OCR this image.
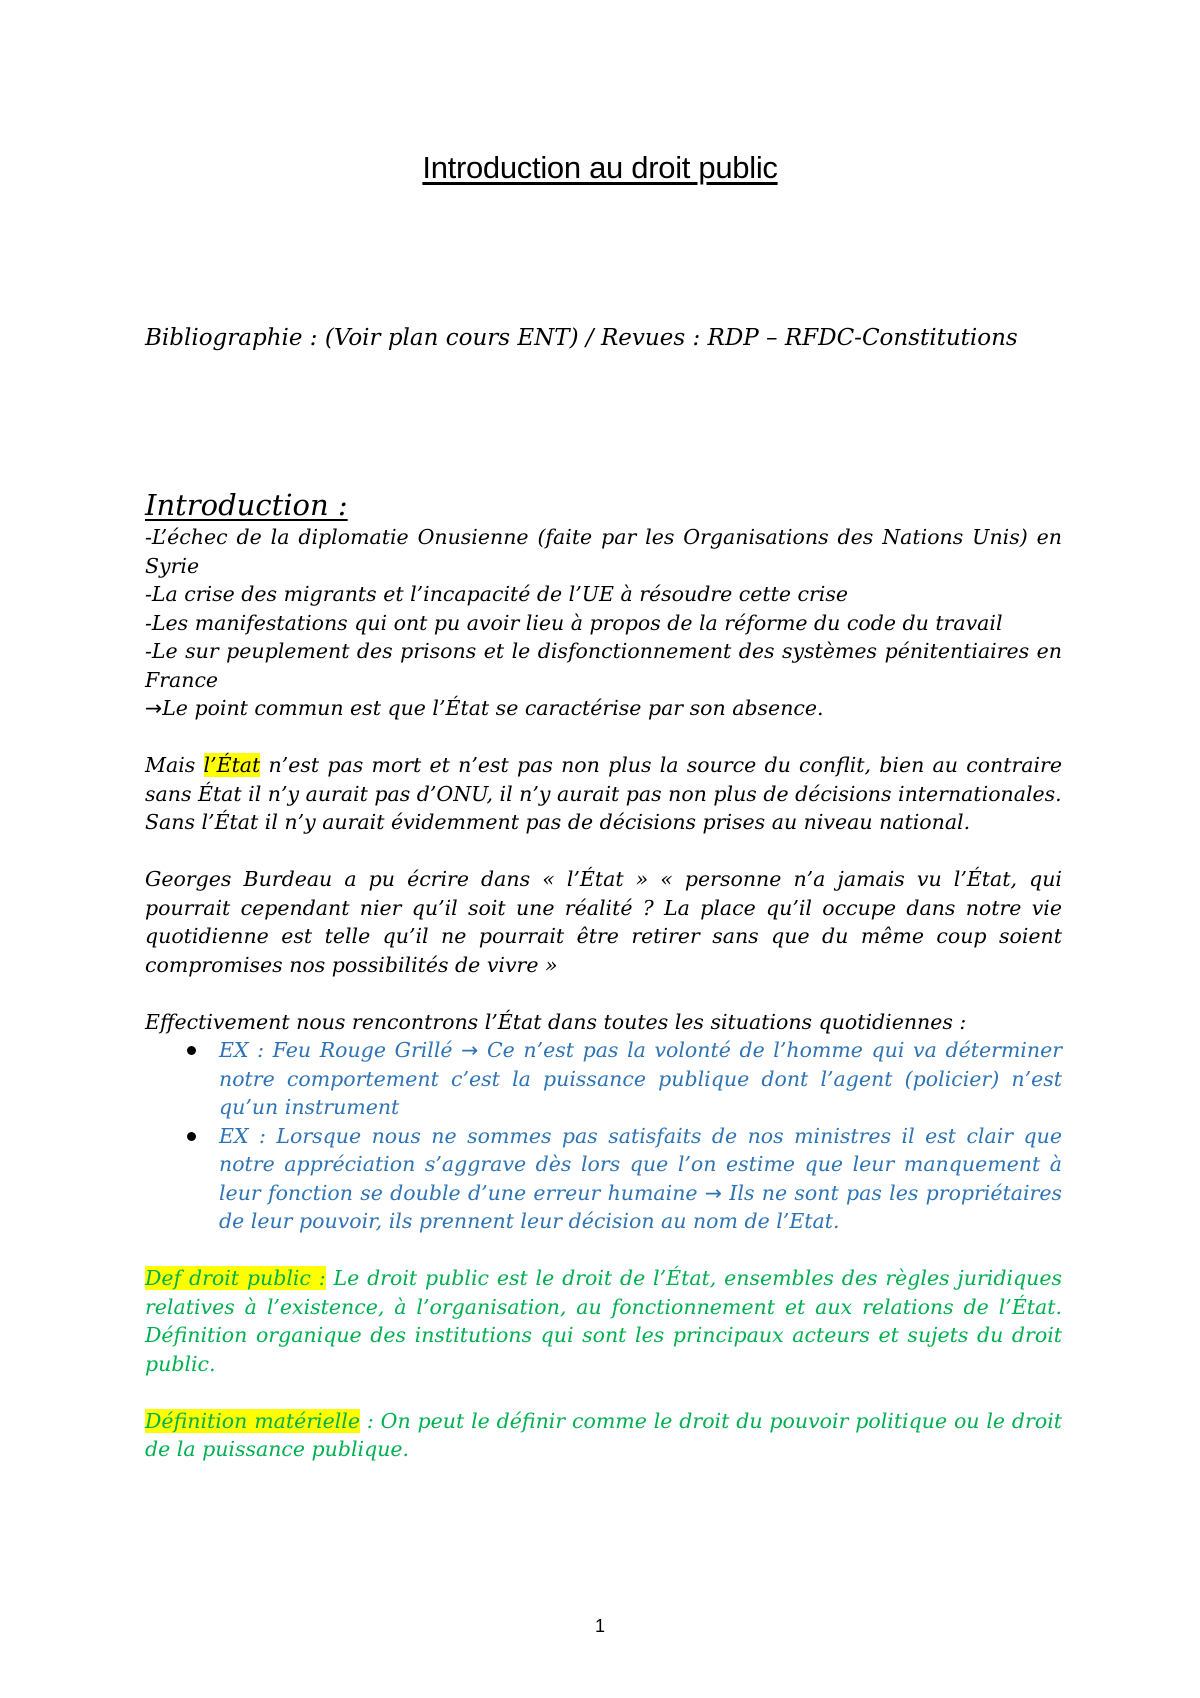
Introduction au droit public
Bibliographie : (Voir plan cours ENT) / Revues : RDP – RFDC-Constitutions
Introduction :
-L’échec de la diplomatie Onusienne (faite par les Organisations des Nations Unis) en Syrie
-La crise des migrants et l’incapacité de l’UE à résoudre cette crise
-Les manifestations qui ont pu avoir lieu à propos de la réforme du code du travail
-Le sur peuplement des prisons et le disfonctionnement des systèmes pénitentiaires en France

→Le point commun est que l’État se caractérise par son absence.

Mais l’État n’est pas mort et n’est pas non plus la source du conflit, bien au contraire sans État il n’y aurait pas d’ONU, il n’y aurait pas non plus de décisions internationales.

Sans l’État il n’y aurait évidemment pas de décisions prises au niveau national.

Georges Burdeau a pu écrire dans « l’État » « personne n’a jamais vu l’État, qui pourrait cependant nier qu’il soit une réalité ? La place qu’il occupe dans notre vie quotidienne est telle qu’il ne pourrait être retirer sans que du même coup soient compromises nos possibilités de vivre »

Effectivement nous rencontrons l’État dans toutes les situations quotidiennes :

EX : Feu Rouge Grillé → Ce n’est pas la volonté de l’homme qui va déterminer notre comportement c’est la puissance publique dont l’agent (policier) n’est qu’un instrument
EX : Lorsque nous ne sommes pas satisfaits de nos ministres il est clair que notre appréciation s’aggrave dès lors que l’on estime que leur manquement à leur fonction se double d’une erreur humaine → Ils ne sont pas les propriétaires de leur pouvoir, ils prennent leur décision au nom de l’Etat.

Def droit public : Le droit public est le droit de l’État, ensembles des règles juridiques relatives à l’existence, à l’organisation, au fonctionnement et aux relations de l’État. Définition organique des institutions qui sont les principaux acteurs et sujets du droit public.

Définition matérielle : On peut le définir comme le droit du pouvoir politique ou le droit de la puissance publique.

1
